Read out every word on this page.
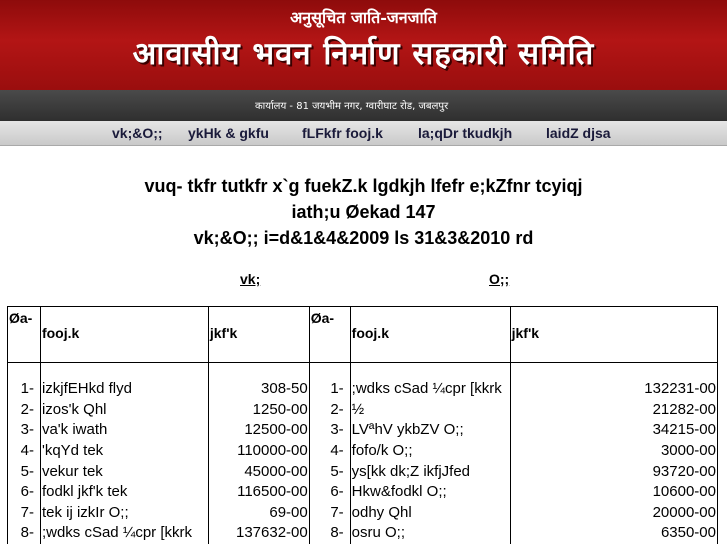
अनुसूचित जाति-जनजाति
आवासीय भवन निर्माण सहकारी समिति
कार्यालय - 81 जयभीम नगर, ग्वारीघाट रोड, जबलपुर
vk;&O;; ykHk & gkfu fLFkfr fooj.k	la;qDr tkudkjh laidZ djsa
vuq- tkfr tutkfr x`g fuekZ.k lgdkjh lfefr e;kZfnr tcyiqj
iath;u Øekad 147
vk;&O;; i=d&1&4&2009 ls 31&3&2010 rd
vk;	O;;
Øa-	fooj.k	jkf'k	Øa-	fooj.k	jkf'k

1-	izkjfEHkd flyd	308-50	1-	;wdks cSad ¼cpr [kkrk	132231-00
2-	izos'k Qhl	1250-00	2-	½	21282-00
3-	va'k iwath	12500-00	3-	LVªhV ykbZV O;;	34215-00
4-	'kqYd tek	110000-00	4-	fofo/k O;;	3000-00
5-	vekur tek	45000-00	5-	ys[kk dk;Z ikfjJfed	93720-00
6-	fodkl jkf'k tek	116500-00	6-	Hkw&fodkl O;;	10600-00
7-	tek ij izkIr O;;	69-00	7-	odhy Qhl	20000-00
8-	;wdks cSad ¼cpr [kkrk	137632-00	8-	osru O;;	6350-00
